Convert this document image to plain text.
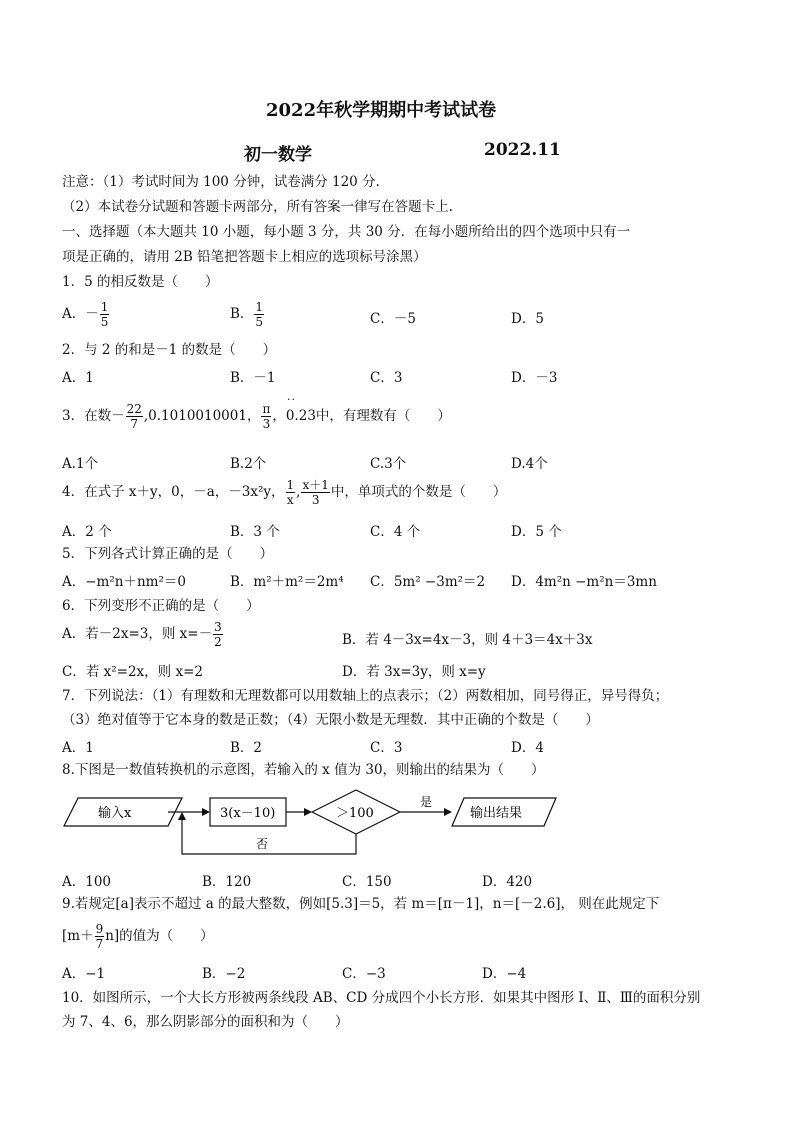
2022年秋学期期中考试试卷
初一数学	2022.11
注意：（1）考试时间为 100 分钟，试卷满分 120 分.
（2）本试卷分试题和答题卡两部分，所有答案一律写在答题卡上.
一、选择题（本大题共 10 小题，每小题 3 分，共 30 分．在每小题所给出的四个选项中只有一
项是正确的，请用 2B 铅笔把答题卡上相应的选项标号涂黑）
1．5 的相反数是（　　）
A．－ $\frac{1}{5}$	B． $\frac{1}{5}$	C．－5	D．5
2．与 2 的和是－1 的数是（　　）
A．1	B．－1	C．3	D．－3
··
3．在数－ $\frac{22}{7} ,0.1010010001$， $\frac{\pi}{3}$ ，0.23中，有理数有（　　）
A.1个	B.2个	C.3个	D.4个
4．在式子 x＋y，0，－a，－3x²y， $\frac{1}{x}$ , $\frac{x+1}{3}$ 中，单项式的个数是（　　）
A．2 个	B．3 个	C．4 个	D．5 个
5．下列各式计算正确的是（　　）
A．−m²n＋nm²＝0	B．m²＋m²＝2m⁴ C．5m² −3m²＝2 D．4m²n −m²n＝3mn
6．下列变形不正确的是（　　）
A．若－2x=3，则 $x=- \frac{3}{2}$	B．若 4－3x=4x－3，则 4＋3＝4x＋3x
C．若 x²=2x，则 x=2	D．若 3x=3y，则 x=y
7．下列说法：（1）有理数和无理数都可以用数轴上的点表示；（2）两数相加，同号得正，异号得负；
（3）绝对值等于它本身的数是正数；（4）无限小数是无理数．其中正确的个数是（　　）
A．1	B．2	C．3	D．4
8.下图是一数值转换机的示意图，若输入的 x 值为 30，则输出的结果为（　　）
输入x	3(x－10)	＞100
是
输出结果
否
A．100	B．120	C．150	D．420
9.若规定[a]表示不超过 a 的最大整数，例如[5.3]＝5，若 m＝[π－1]，n＝[－2.6]， 则在此规定下
$[m+ \frac{9}{7} n]$的值为（　　）
A．−1	B．−2	C．−3	D．−4
10．如图所示，一个大长方形被两条线段 AB、CD 分成四个小长方形．如果其中图形 Ⅰ、Ⅱ、Ⅲ的面积分别
为 7、4、6，那么阴影部分的面积和为（　　）
